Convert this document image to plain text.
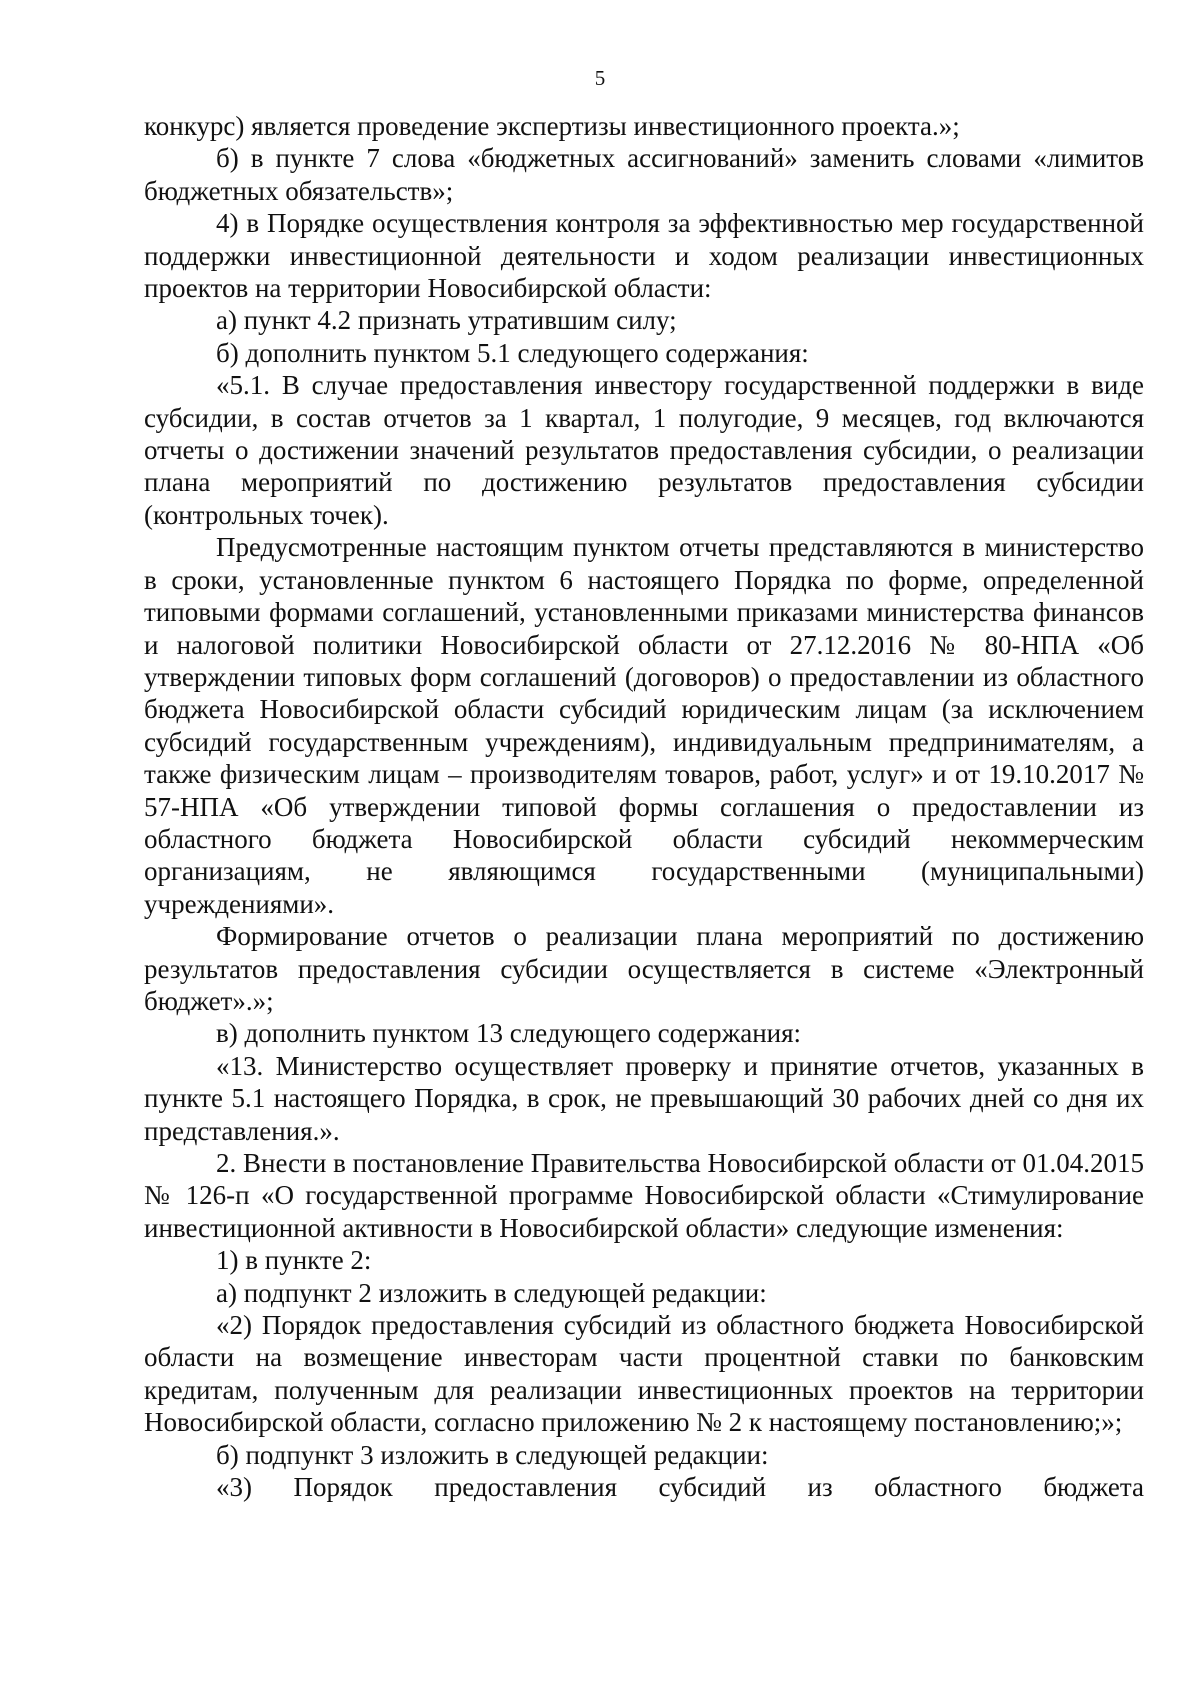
5

конкурс) является проведение экспертизы инвестиционного проекта.»;

б) в пункте 7 слова «бюджетных ассигнований» заменить словами «лимитов бюджетных обязательств»;

4) в Порядке осуществления контроля за эффективностью мер государственной поддержки инвестиционной деятельности и ходом реализации инвестиционных проектов на территории Новосибирской области:

а) пункт 4.2 признать утратившим силу;

б) дополнить пунктом 5.1 следующего содержания:

«5.1. В случае предоставления инвестору государственной поддержки в виде субсидии, в состав отчетов за 1 квартал, 1 полугодие, 9 месяцев, год включаются отчеты о достижении значений результатов предоставления субсидии, о реализации плана мероприятий по достижению результатов предоставления субсидии (контрольных точек).

Предусмотренные настоящим пунктом отчеты представляются в министерство в сроки, установленные пунктом 6 настоящего Порядка по форме, определенной типовыми формами соглашений, установленными приказами министерства финансов и налоговой политики Новосибирской области от 27.12.2016 № 80-НПА «Об утверждении типовых форм соглашений (договоров) о предоставлении из областного бюджета Новосибирской области субсидий юридическим лицам (за исключением субсидий государственным учреждениям), индивидуальным предпринимателям, а также физическим лицам – производителям товаров, работ, услуг» и от 19.10.2017 № 57-НПА «Об утверждении типовой формы соглашения о предоставлении из областного бюджета Новосибирской области субсидий некоммерческим организациям, не являющимся государственными (муниципальными) учреждениями».

Формирование отчетов о реализации плана мероприятий по достижению результатов предоставления субсидии осуществляется в системе «Электронный бюджет».»;

в) дополнить пунктом 13 следующего содержания:

«13. Министерство осуществляет проверку и принятие отчетов, указанных в пункте 5.1 настоящего Порядка, в срок, не превышающий 30 рабочих дней со дня их представления.».

2. Внести в постановление Правительства Новосибирской области от 01.04.2015 № 126-п «О государственной программе Новосибирской области «Стимулирование инвестиционной активности в Новосибирской области» следующие изменения:

1) в пункте 2:

а) подпункт 2 изложить в следующей редакции:

«2) Порядок предоставления субсидий из областного бюджета Новосибирской области на возмещение инвесторам части процентной ставки по банковским кредитам, полученным для реализации инвестиционных проектов на территории Новосибирской области, согласно приложению № 2 к настоящему постановлению;»;

б) подпункт 3 изложить в следующей редакции:

«3) Порядок предоставления субсидий из областного бюджета
